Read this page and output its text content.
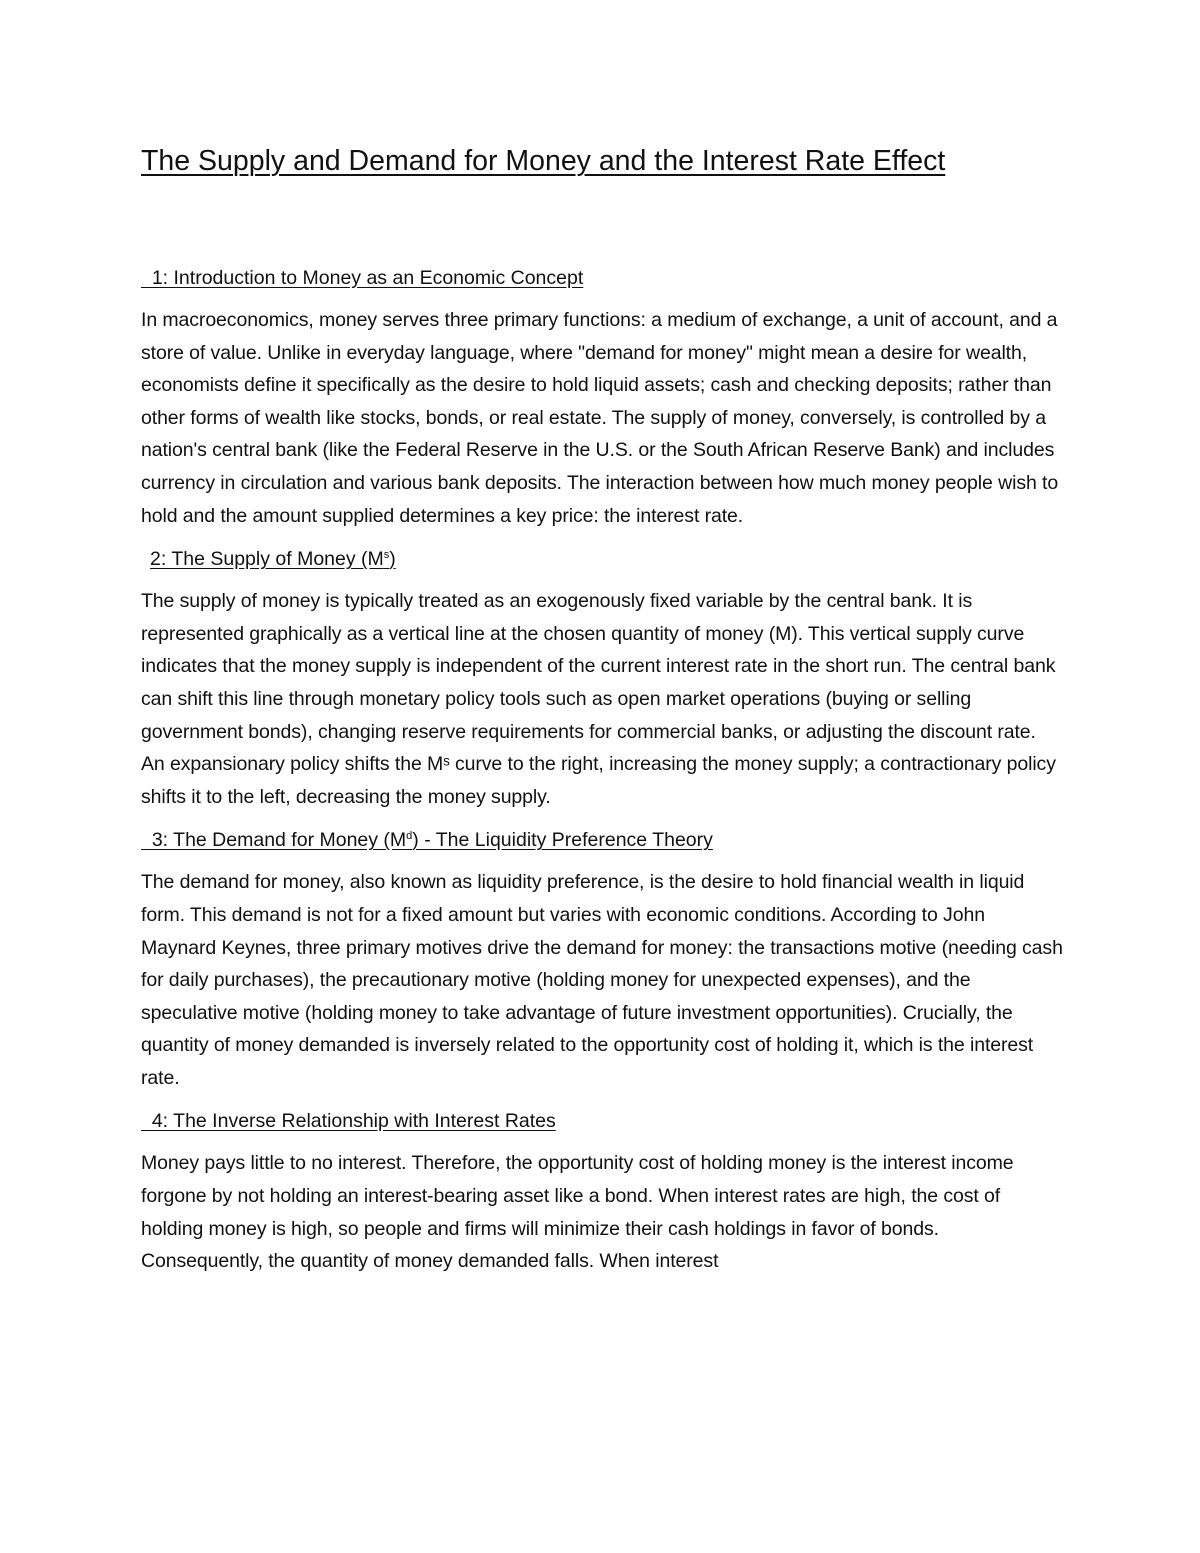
The Supply and Demand for Money and the Interest Rate Effect
1: Introduction to Money as an Economic Concept

In macroeconomics, money serves three primary functions: a medium of exchange, a unit of account, and a store of value. Unlike in everyday language, where "demand for money" might mean a desire for wealth, economists define it specifically as the desire to hold liquid assets; cash and checking deposits; rather than other forms of wealth like stocks, bonds, or real estate. The supply of money, conversely, is controlled by a nation's central bank (like the Federal Reserve in the U.S. or the South African Reserve Bank) and includes currency in circulation and various bank deposits. The interaction between how much money people wish to hold and the amount supplied determines a key price: the interest rate.

2: The Supply of Money $(M^s)$

The supply of money is typically treated as an exogenously fixed variable by the central bank. It is represented graphically as a vertical line at the chosen quantity of money (M). This vertical supply curve indicates that the money supply is independent of the current interest rate in the short run. The central bank can shift this line through monetary policy tools such as open market operations (buying or selling government bonds), changing reserve requirements for commercial banks, or adjusting the discount rate. An expansionary policy shifts the Mˢ curve to the right, increasing the money supply; a contractionary policy shifts it to the left, decreasing the money supply.

3: The Demand for Money $(M^d)$ - The Liquidity Preference Theory

The demand for money, also known as liquidity preference, is the desire to hold financial wealth in liquid form. This demand is not for a fixed amount but varies with economic conditions. According to John Maynard Keynes, three primary motives drive the demand for money: the transactions motive (needing cash for daily purchases), the precautionary motive (holding money for unexpected expenses), and the speculative motive (holding money to take advantage of future investment opportunities). Crucially, the quantity of money demanded is inversely related to the opportunity cost of holding it, which is the interest rate.

4: The Inverse Relationship with Interest Rates

Money pays little to no interest. Therefore, the opportunity cost of holding money is the interest income forgone by not holding an interest-bearing asset like a bond. When interest rates are high, the cost of holding money is high, so people and firms will minimize their cash holdings in favor of bonds. Consequently, the quantity of money demanded falls. When interest
